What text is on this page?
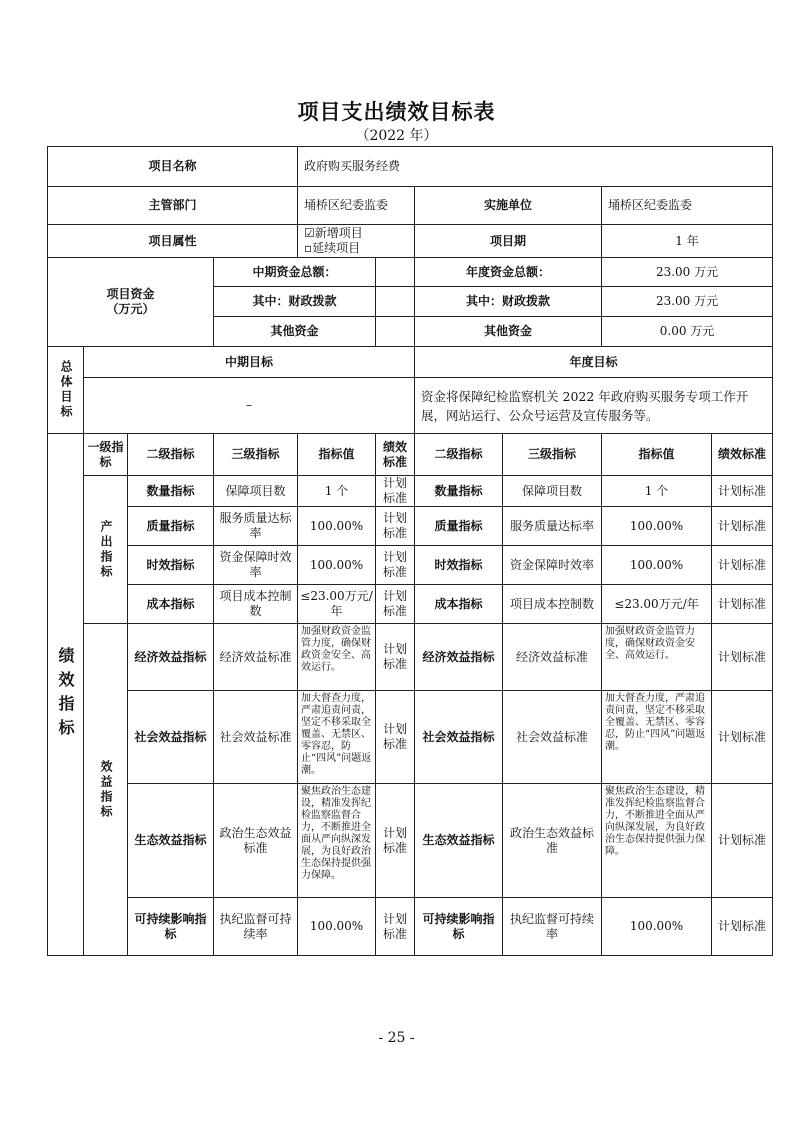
项目支出绩效目标表
（2022 年）
项目名称				政府购买服务经费					
主管部门				埇桥区纪委监委		实施单位		埇桥区纪委监委	
项目属性				☑新增项目    ▫延续项目		项目期		1 年	
项目资金
（万元）			中期资金总额：			年度资金总额：		23.00 万元	
			其中：财政拨款			其中：财政拨款		23.00 万元	
			其他资金			其他资金		0.00 万元	
总体目标	中期目标					年度目标			
	–					资金将保障纪检监察机关 2022 年政府购买服务专项工作开展，网站运行、公众号运营及宣传服务等。			
绩效指标	一级指标	二级指标	三级指标	指标值	绩效标准	二级指标	三级指标	指标值	绩效标准
	产出指标	数量指标	保障项目数	1 个	计划标准	数量指标	保障项目数	1 个	计划标准
		质量指标	服务质量达标率	100.00%	计划标准	质量指标	服务质量达标率	100.00%	计划标准
		时效指标	资金保障时效率	100.00%	计划标准	时效指标	资金保障时效率	100.00%	计划标准
		成本指标	项目成本控制数	≤23.00万元/年	计划标准	成本指标	项目成本控制数	≤23.00万元/年	计划标准
	效益指标	经济效益指标	经济效益标准	加强财政资金监管力度，确保财政资金安全、高效运行。	计划标准	经济效益指标	经济效益标准	加强财政资金监管力度，确保财政资金安全、高效运行。	计划标准
		社会效益指标	社会效益标准	加大督查力度，严肃追责问责，坚定不移采取全覆盖、无禁区、零容忍，防止“四风”问题返潮。	计划标准	社会效益指标	社会效益标准	加大督查力度，严肃追责问责，坚定不移采取全覆盖、无禁区、零容忍，防止“四风”问题返潮。	计划标准
		生态效益指标	政治生态效益标准	聚焦政治生态建设，精准发挥纪检监察监督合力，不断推进全面从严向纵深发展，为良好政治生态保持提供强力保障。	计划标准	生态效益指标	政治生态效益标准	聚焦政治生态建设，精准发挥纪检监察监督合力，不断推进全面从严向纵深发展，为良好政治生态保持提供强力保障。	计划标准
		可持续影响指标	执纪监督可持续率	100.00%	计划标准	可持续影响指标	执纪监督可持续率	100.00%	计划标准
- 25 -
